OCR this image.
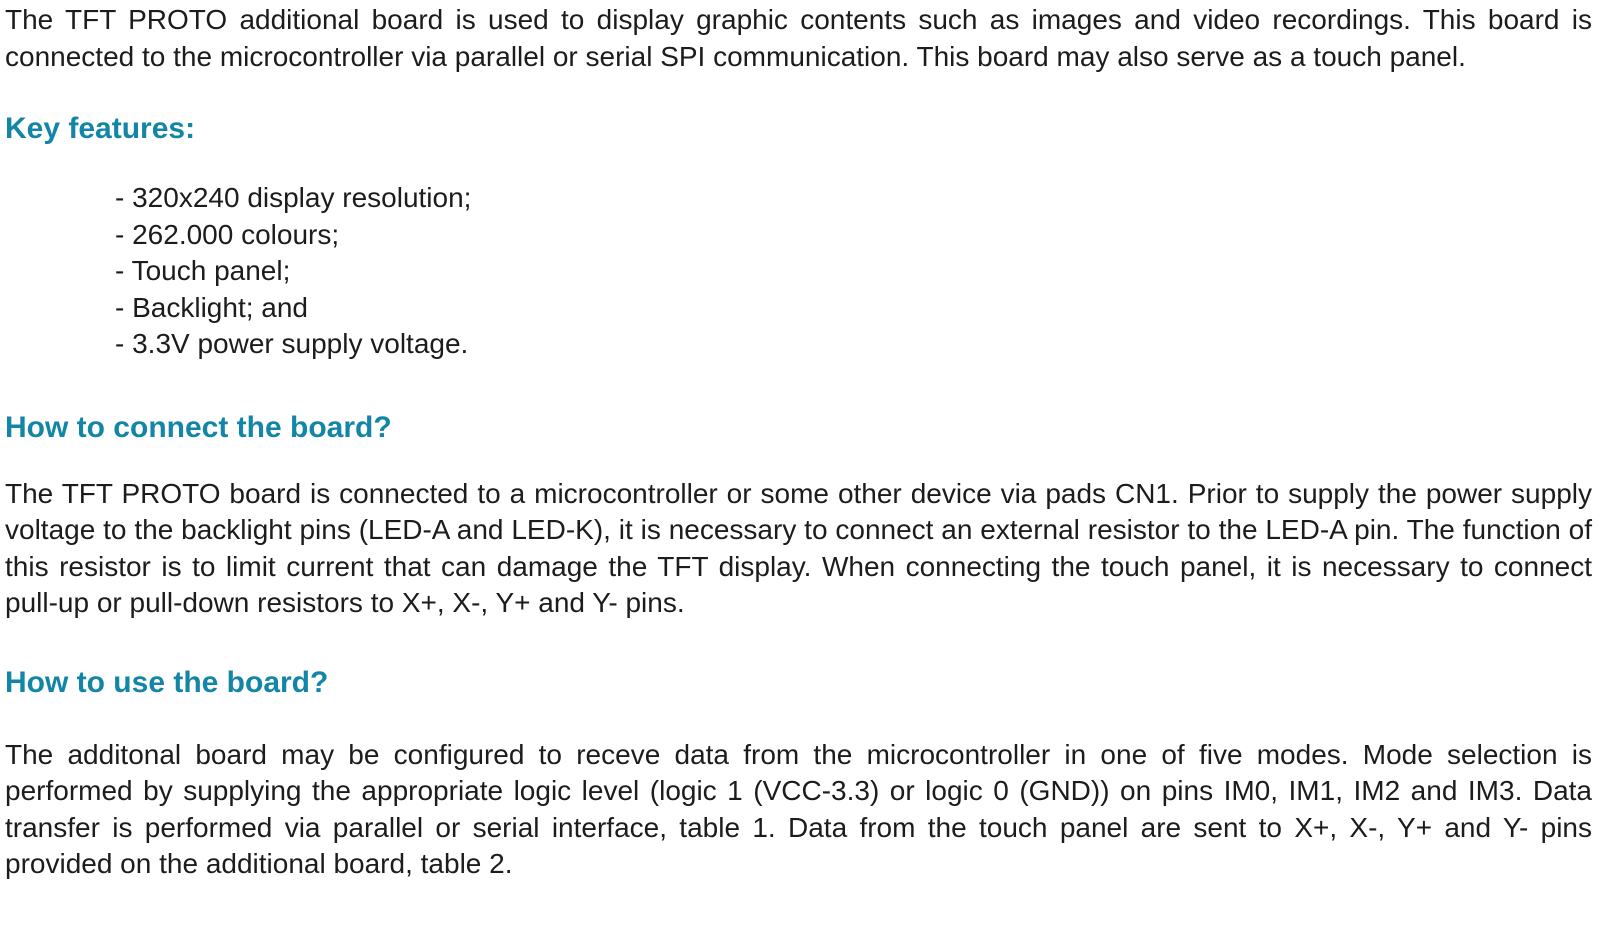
The TFT PROTO additional board is used to display graphic contents such as images and video recordings. This board is connected to the microcontroller via parallel or serial SPI communication. This board may also serve as a touch panel.

Key features:
- 320x240 display resolution;
- 262.000 colours;
- Touch panel;
- Backlight; and
- 3.3V power supply voltage.
How to connect the board?

The TFT PROTO board is connected to a microcontroller or some other device via pads CN1. Prior to supply the power supply voltage to the backlight pins (LED-A and LED-K), it is necessary to connect an external resistor to the LED-A pin. The function of this resistor is to limit current that can damage the TFT display. When connecting the touch panel, it is necessary to connect pull-up or pull-down resistors to X+, X-, Y+ and Y- pins.

How to use the board?

The additonal board may be configured to receve data from the microcontroller in one of five modes. Mode selection is performed by supplying the appropriate logic level (logic 1 (VCC-3.3) or logic 0 (GND)) on pins IM0, IM1, IM2 and IM3. Data transfer is performed via parallel or serial interface, table 1. Data from the touch panel are sent to X+, X-, Y+ and Y- pins provided on the additional board, table 2.
